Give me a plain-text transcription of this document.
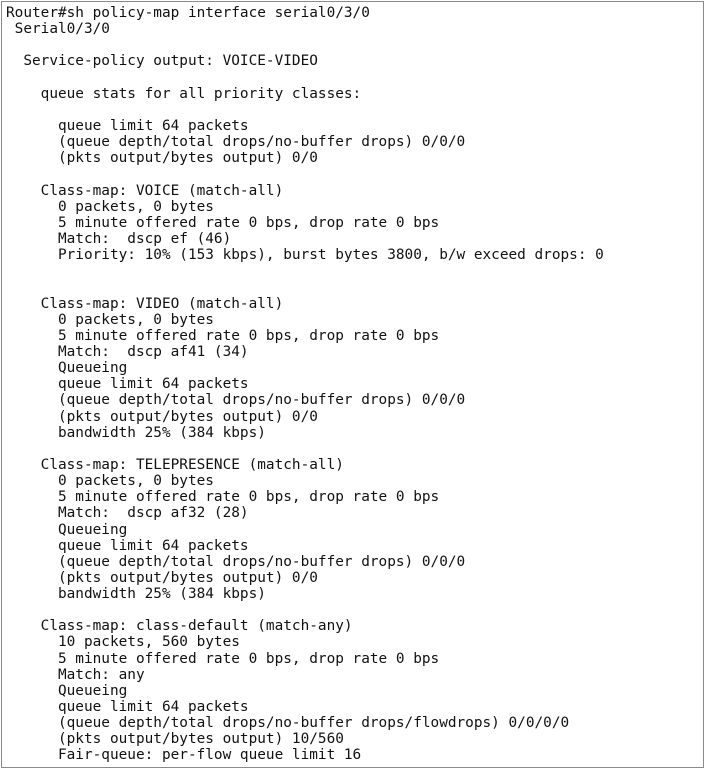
Router#sh policy-map interface serial0/3/0
Serial0/3/0
Service-policy output: VOICE-VIDEO
queue stats for all priority classes:
queue limit 64 packets
(queue depth/total drops/no-buffer drops) 0/0/0
(pkts output/bytes output) 0/0
Class-map: VOICE (match-all)
0 packets, 0 bytes
5 minute offered rate 0 bps, drop rate 0 bps
Match:  dscp ef (46)
Priority: 10% (153 kbps), burst bytes 3800, b/w exceed drops: 0
Class-map: VIDEO (match-all)
0 packets, 0 bytes
5 minute offered rate 0 bps, drop rate 0 bps
Match:  dscp af41 (34)
Queueing
queue limit 64 packets
(queue depth/total drops/no-buffer drops) 0/0/0
(pkts output/bytes output) 0/0
bandwidth 25% (384 kbps)
Class-map: TELEPRESENCE (match-all)
0 packets, 0 bytes
5 minute offered rate 0 bps, drop rate 0 bps
Match:  dscp af32 (28)
Queueing
queue limit 64 packets
(queue depth/total drops/no-buffer drops) 0/0/0
(pkts output/bytes output) 0/0
bandwidth 25% (384 kbps)
Class-map: class-default (match-any)
10 packets, 560 bytes
5 minute offered rate 0 bps, drop rate 0 bps
Match: any
Queueing
queue limit 64 packets
(queue depth/total drops/no-buffer drops/flowdrops) 0/0/0/0
(pkts output/bytes output) 10/560
Fair-queue: per-flow queue limit 16
